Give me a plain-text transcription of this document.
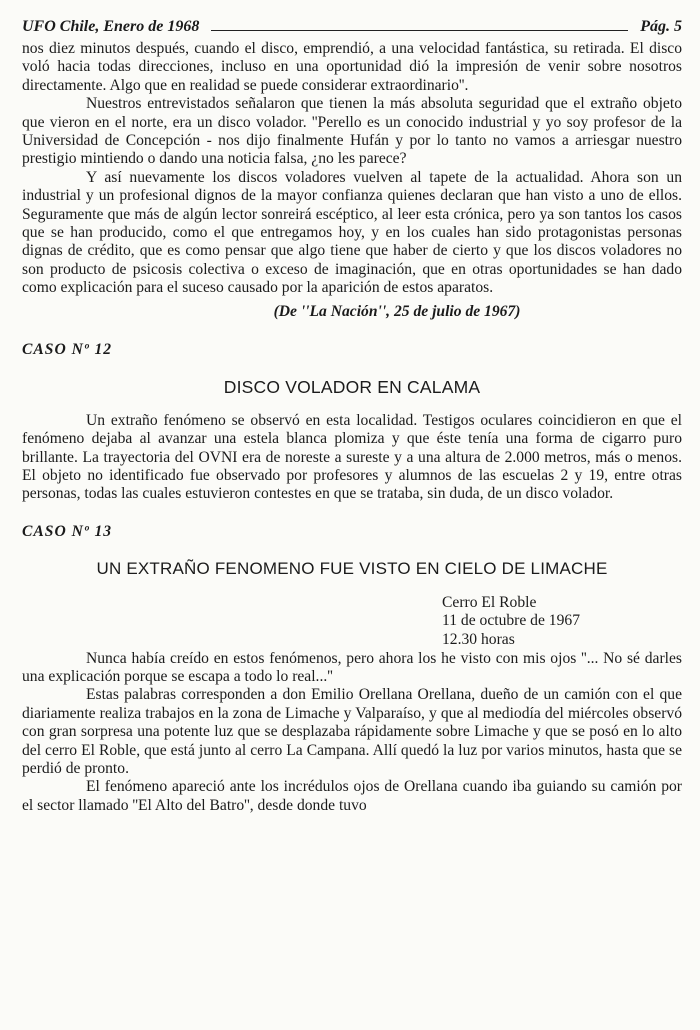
UFO Chile, Enero de 1968	Pág. 5

nos diez minutos después, cuando el disco, emprendió, a una velocidad fantástica, su retirada. El disco voló hacia todas direcciones, incluso en una oportunidad dió la impresión de venir sobre nosotros directamente. Algo que en realidad se puede considerar extraordinario''.

Nuestros entrevistados señalaron que tienen la más absoluta seguridad que el extraño objeto que vieron en el norte, era un disco volador. ''Perello es un conocido industrial y yo soy profesor de la Universidad de Concepción - nos dijo finalmente Hufán y por lo tanto no vamos a arriesgar nuestro prestigio mintiendo o dando una noticia falsa, ¿no les parece?

Y así nuevamente los discos voladores vuelven al tapete de la actualidad. Ahora son un industrial y un profesional dignos de la mayor confianza quienes declaran que han visto a uno de ellos. Seguramente que más de algún lector sonreirá escéptico, al leer esta crónica, pero ya son tantos los casos que se han producido, como el que entregamos hoy, y en los cuales han sido protagonistas personas dignas de crédito, que es como pensar que algo tiene que haber de cierto y que los discos voladores no son producto de psicosis colectiva o exceso de imaginación, que en otras oportunidades se han dado como explicación para el suceso causado por la aparición de estos aparatos.

(De ''La Nación'', 25 de julio de 1967)
CASO Nº 12
DISCO VOLADOR EN CALAMA

Un extraño fenómeno se observó en esta localidad. Testigos oculares coincidieron en que el fenómeno dejaba al avanzar una estela blanca plomiza y que éste tenía una forma de cigarro puro brillante. La trayectoria del OVNI era de noreste a sureste y a una altura de 2.000 metros, más o menos. El objeto no identificado fue observado por profesores y alumnos de las escuelas 2 y 19, entre otras personas, todas las cuales estuvieron contestes en que se trataba, sin duda, de un disco volador.

CASO Nº 13
UN EXTRAÑO FENOMENO FUE VISTO EN CIELO DE LIMACHE
Cerro El Roble
11 de octubre de 1967
12.30 horas

Nunca había creído en estos fenómenos, pero ahora los he visto con mis ojos ''... No sé darles una explicación porque se escapa a todo lo real...''

Estas palabras corresponden a don Emilio Orellana Orellana, dueño de un camión con el que diariamente realiza trabajos en la zona de Limache y Valparaíso, y que al mediodía del miércoles observó con gran sorpresa una potente luz que se desplazaba rápidamente sobre Limache y que se posó en lo alto del cerro El Roble, que está junto al cerro La Campana. Allí quedó la luz por varios minutos, hasta que se perdió de pronto.

El fenómeno apareció ante los incrédulos ojos de Orellana cuando iba guiando su camión por el sector llamado ''El Alto del Batro'', desde donde tuvo
